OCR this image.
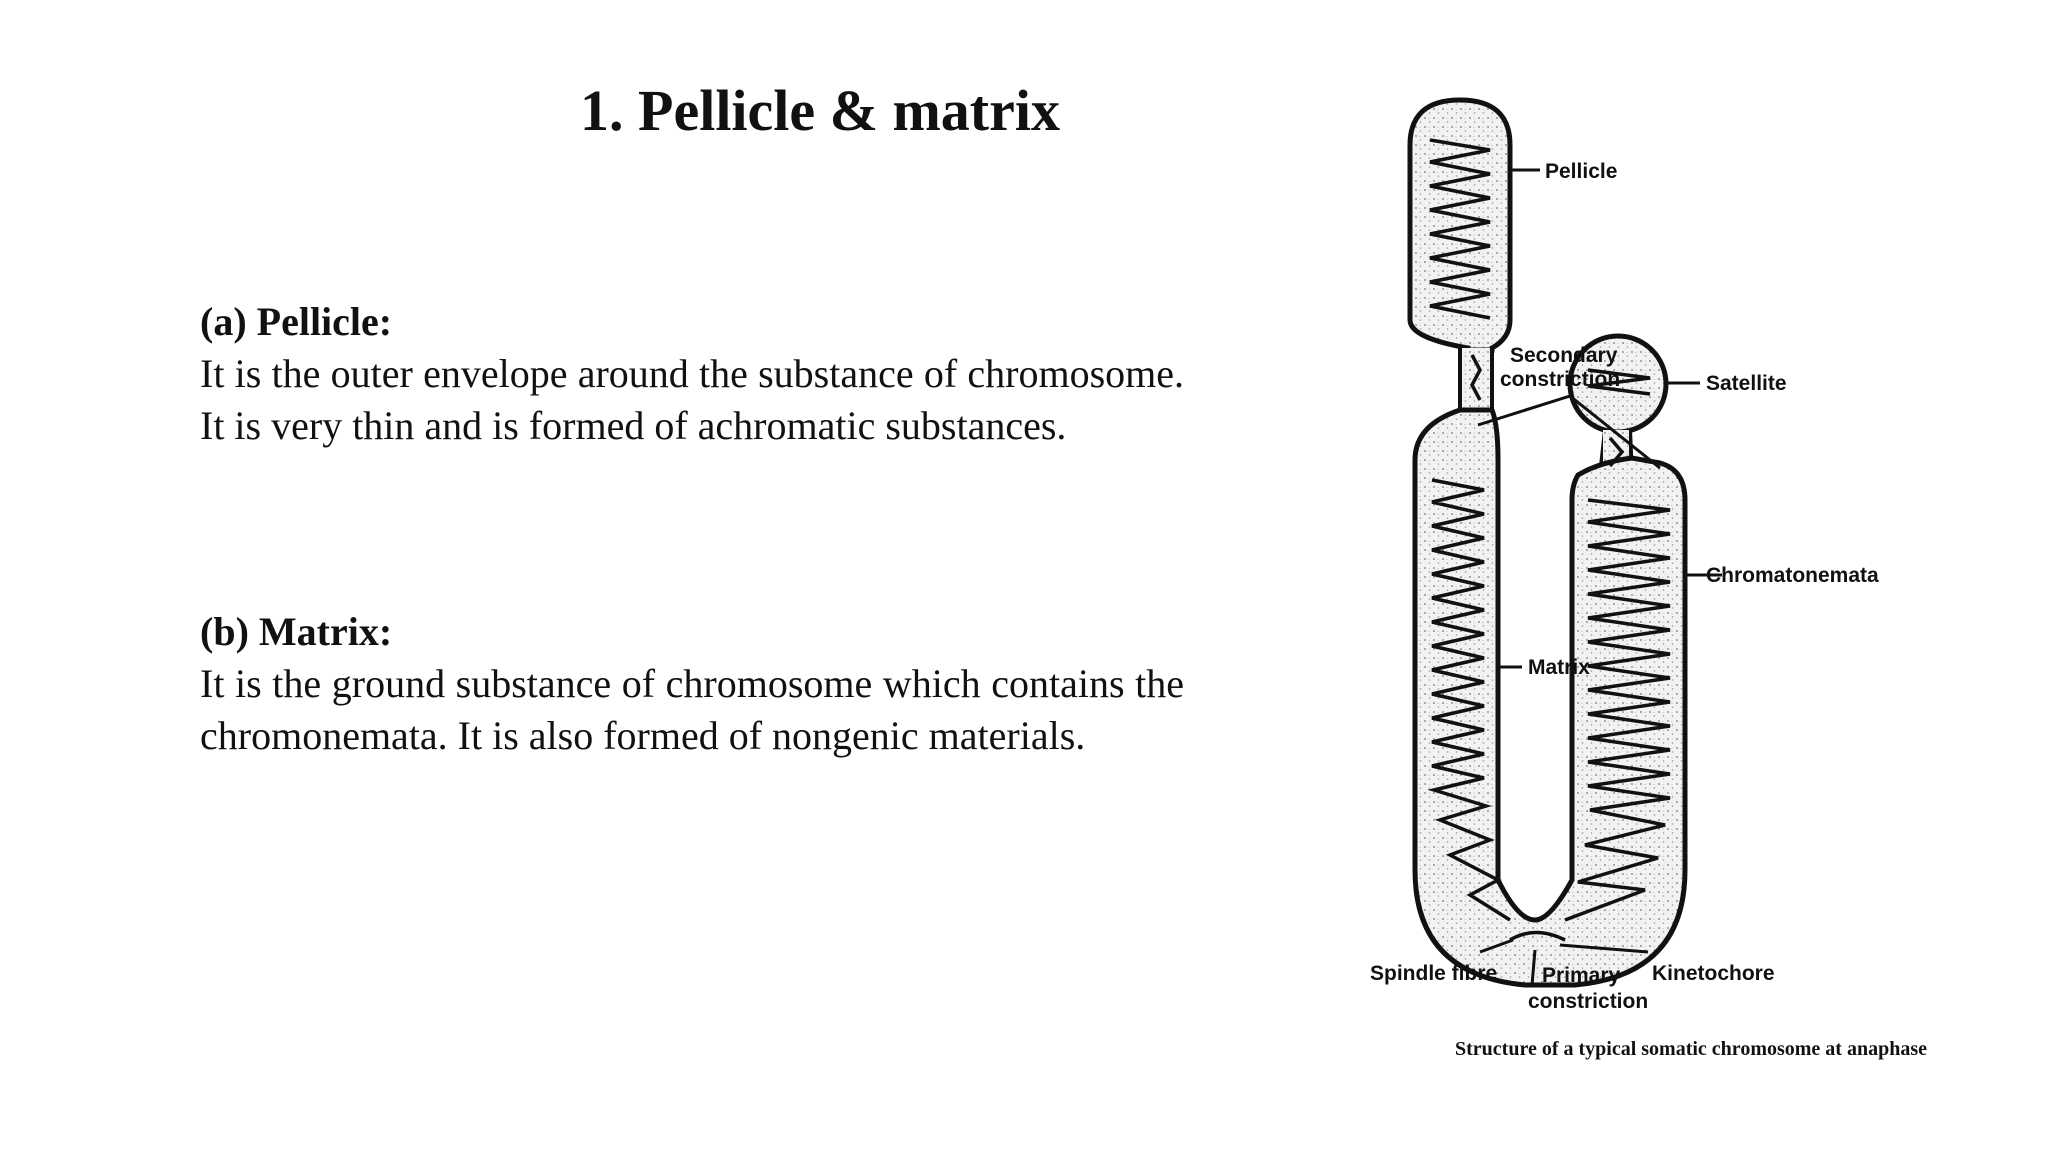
1. Pellicle & matrix
(a) Pellicle:

It is the outer envelope around the substance of chromosome. It is very thin and is formed of achromatic substances.

(b) Matrix:

It is the ground substance of chromosome which contains the chromonemata. It is also formed of nongenic materials.

Pellicle
Secondary
constriction	Satellite
Chromatonemata
Matrix
Spindle fibre Primary
constriction
Kinetochore
Structure of a typical somatic chromosome at anaphase
